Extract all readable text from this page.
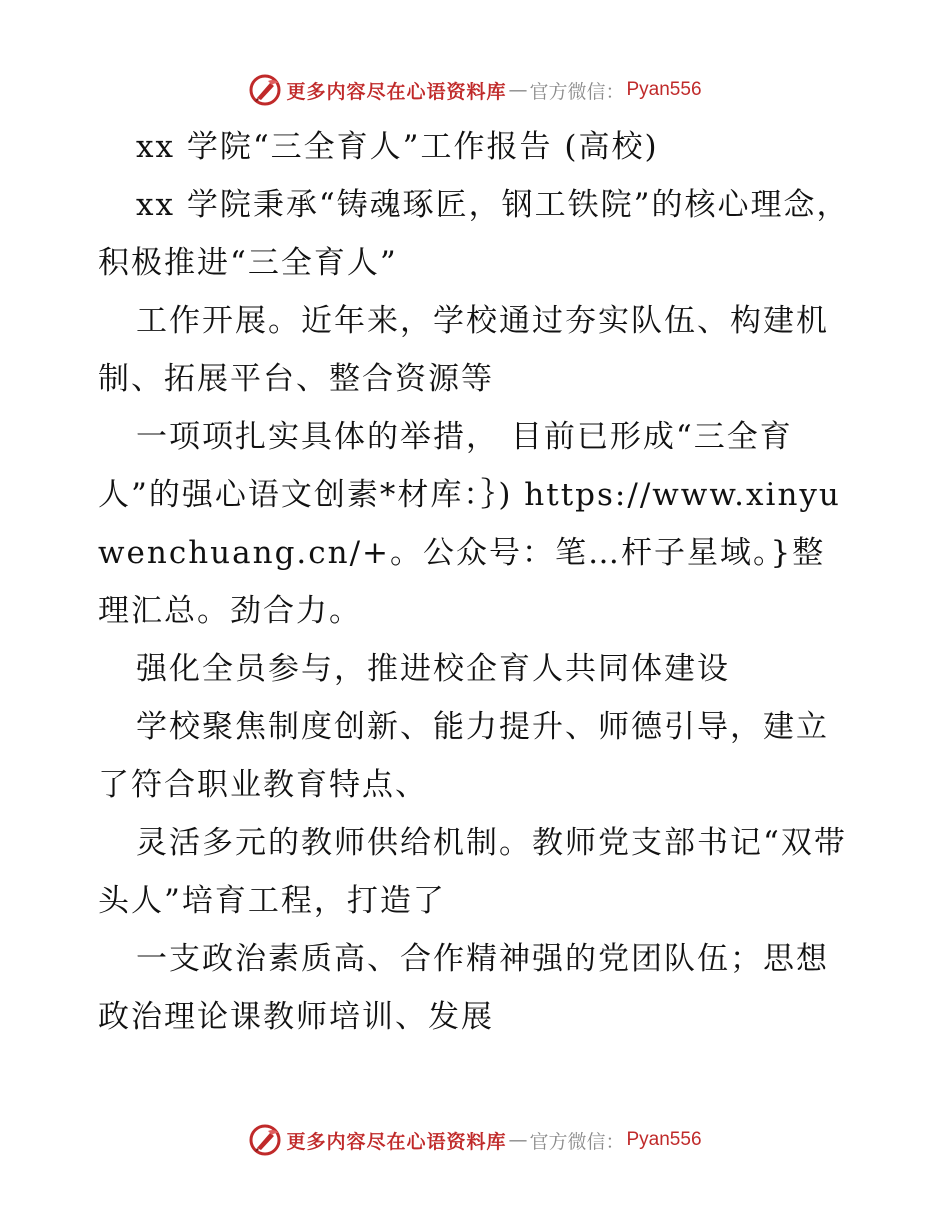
更多内容尽在心语资料库 — 官方微信： Pyan556

xx 学院“三全育人”工作报告 (高校)

xx 学院秉承“铸魂琢匠，钢工铁院”的核心理念，积极推进“三全育人”

工作开展。近年来，学校通过夯实队伍、构建机制、拓展平台、整合资源等

一项项扎实具体的举措， 目前已形成“三全育人”的强心语文创素*材库：｝) https://www.xinyuwenchuang.cn/+。公众号：笔…杆子星域。}整理汇总。劲合力。

强化全员参与，推进校企育人共同体建设

学校聚焦制度创新、能力提升、师德引导，建立了符合职业教育特点、

灵活多元的教师供给机制。教师党支部书记“双带头人”培育工程，打造了

一支政治素质高、合作精神强的党团队伍；思想政治理论课教师培训、发展

更多内容尽在心语资料库 — 官方微信： Pyan556
